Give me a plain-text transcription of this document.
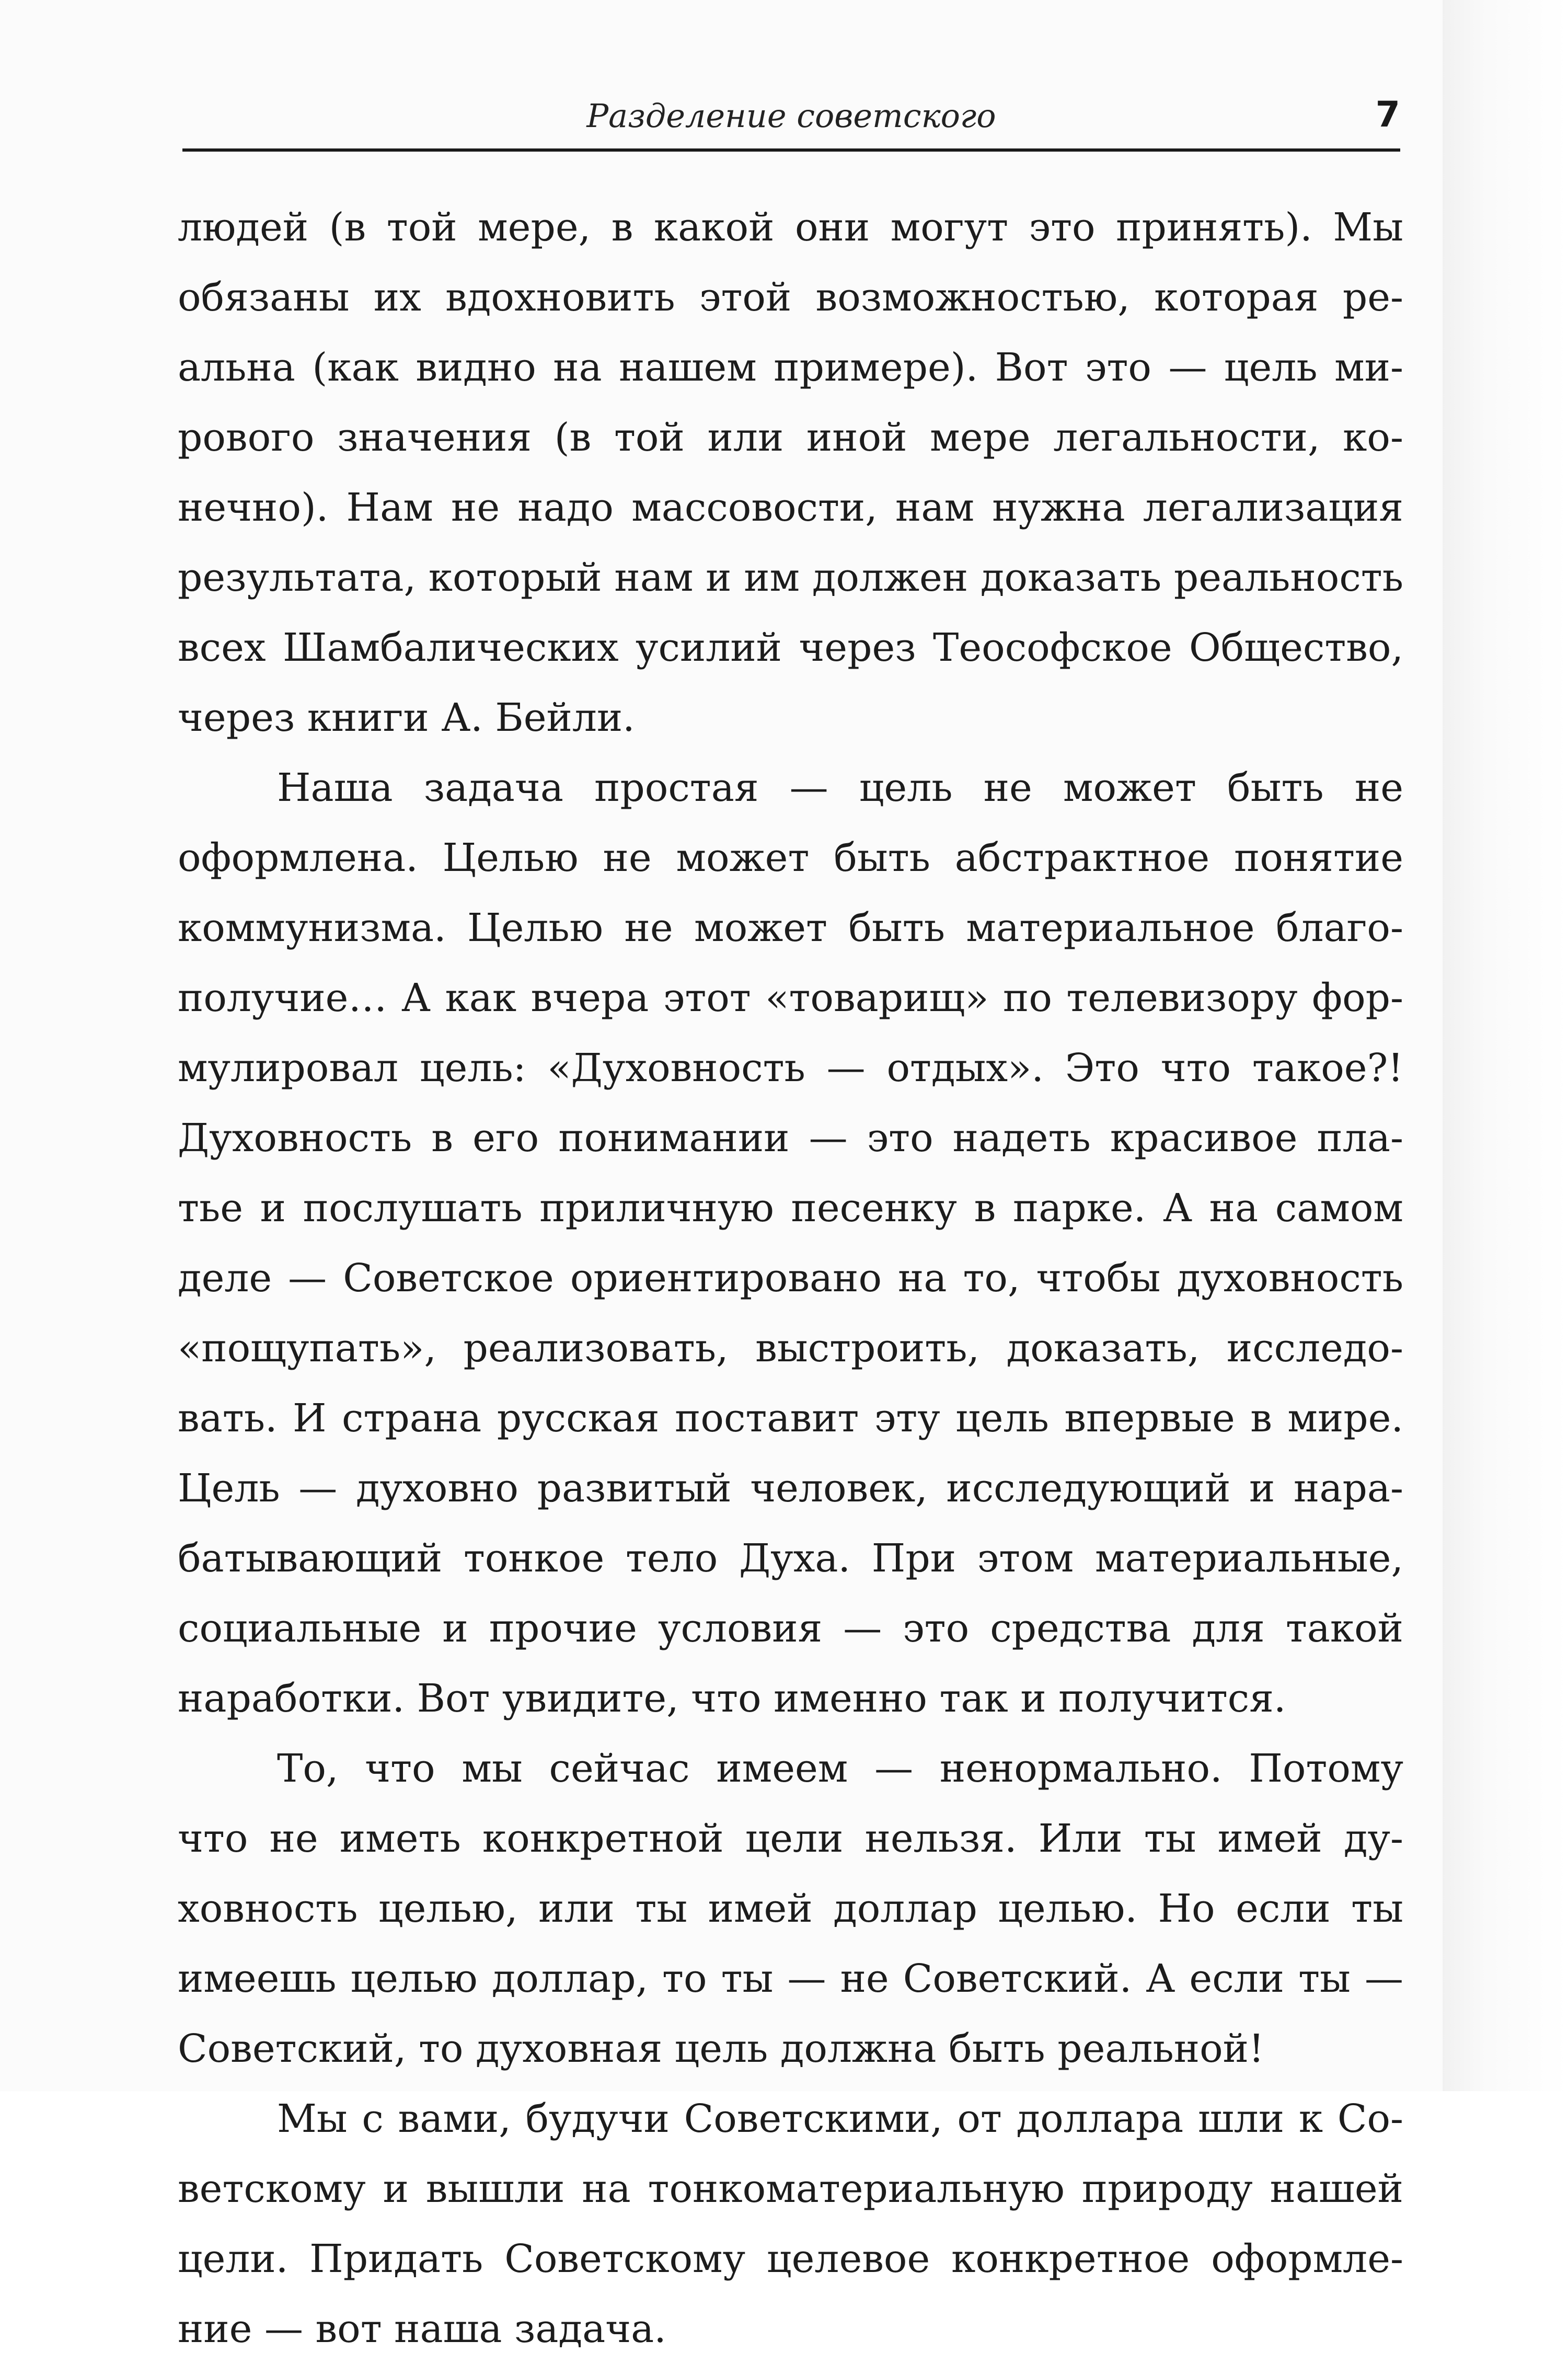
Разделение советского	7
людей (в той мере, в какой они могут это принять). Мы
обязаны их вдохновить этой возможностью, которая ре-
альна (как видно на нашем примере). Вот это — цель ми-
рового значения (в той или иной мере легальности, ко-
нечно). Нам не надо массовости, нам нужна легализация
результата, который нам и им должен доказать реальность
всех Шамбалических усилий через Теософское Общество,
через книги А. Бейли.
Наша задача простая — цель не может быть не
оформлена. Целью не может быть абстрактное понятие
коммунизма. Целью не может быть материальное благо-
получие… А как вчера этот «товарищ» по телевизору фор-
мулировал цель: «Духовность — отдых». Это что такое?!
Духовность в его понимании — это надеть красивое пла-
тье и послушать приличную песенку в парке. А на самом
деле — Советское ориентировано на то, чтобы духовность
«пощупать», реализовать, выстроить, доказать, исследо-
вать. И страна русская поставит эту цель впервые в мире.
Цель — духовно развитый человек, исследующий и нара-
батывающий тонкое тело Духа. При этом материальные,
социальные и прочие условия — это средства для такой
наработки. Вот увидите, что именно так и получится.
То, что мы сейчас имеем — ненормально. Потому
что не иметь конкретной цели нельзя. Или ты имей ду-
ховность целью, или ты имей доллар целью. Но если ты
имеешь целью доллар, то ты — не Советский. А если ты —
Советский, то духовная цель должна быть реальной!
Мы с вами, будучи Советскими, от доллара шли к Со-
ветскому и вышли на тонкоматериальную природу нашей
цели. Придать Советскому целевое конкретное оформле-
ние — вот наша задача.
